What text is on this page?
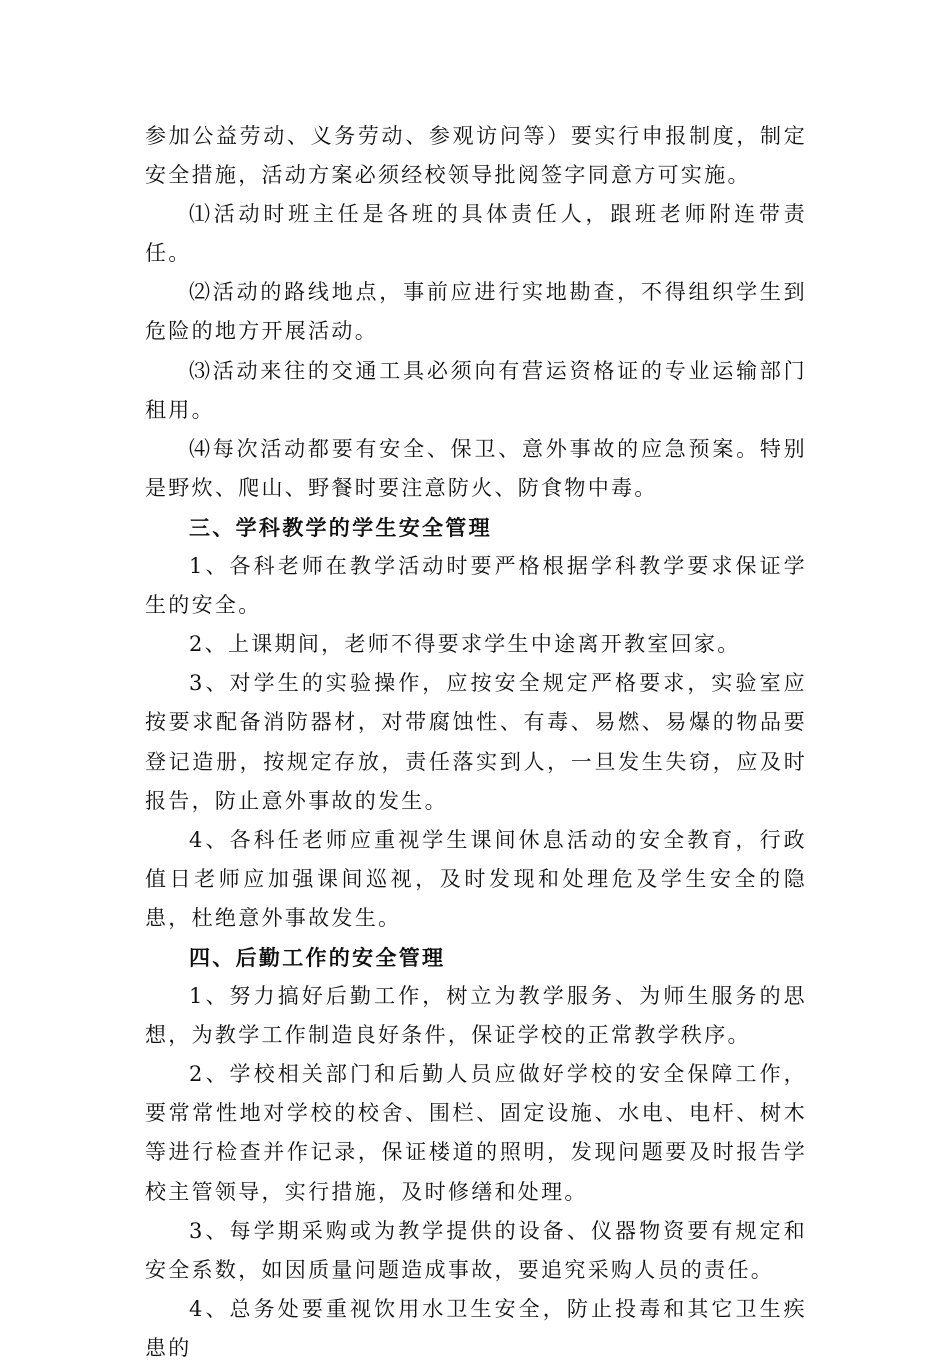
参加公益劳动、义务劳动、参观访问等）要实行申报制度，制定安全措施，活动方案必须经校领导批阅签字同意方可实施。

⑴活动时班主任是各班的具体责任人，跟班老师附连带责任。

⑵活动的路线地点，事前应进行实地勘查，不得组织学生到危险的地方开展活动。

⑶活动来往的交通工具必须向有营运资格证的专业运输部门租用。

⑷每次活动都要有安全、保卫、意外事故的应急预案。特别是野炊、爬山、野餐时要注意防火、防食物中毒。

三、学科教学的学生安全管理

1、各科老师在教学活动时要严格根据学科教学要求保证学生的安全。

2、上课期间，老师不得要求学生中途离开教室回家。

3、对学生的实验操作，应按安全规定严格要求，实验室应按要求配备消防器材，对带腐蚀性、有毒、易燃、易爆的物品要登记造册，按规定存放，责任落实到人，一旦发生失窃，应及时报告，防止意外事故的发生。

4、各科任老师应重视学生课间休息活动的安全教育，行政值日老师应加强课间巡视，及时发现和处理危及学生安全的隐患，杜绝意外事故发生。

四、后勤工作的安全管理

1、努力搞好后勤工作，树立为教学服务、为师生服务的思想，为教学工作制造良好条件，保证学校的正常教学秩序。

2、学校相关部门和后勤人员应做好学校的安全保障工作，要常常性地对学校的校舍、围栏、固定设施、水电、电杆、树木等进行检查并作记录，保证楼道的照明，发现问题要及时报告学校主管领导，实行措施，及时修缮和处理。

3、每学期采购或为教学提供的设备、仪器物资要有规定和安全系数，如因质量问题造成事故，要追究采购人员的责任。

4、总务处要重视饮用水卫生安全，防止投毒和其它卫生疾患的
